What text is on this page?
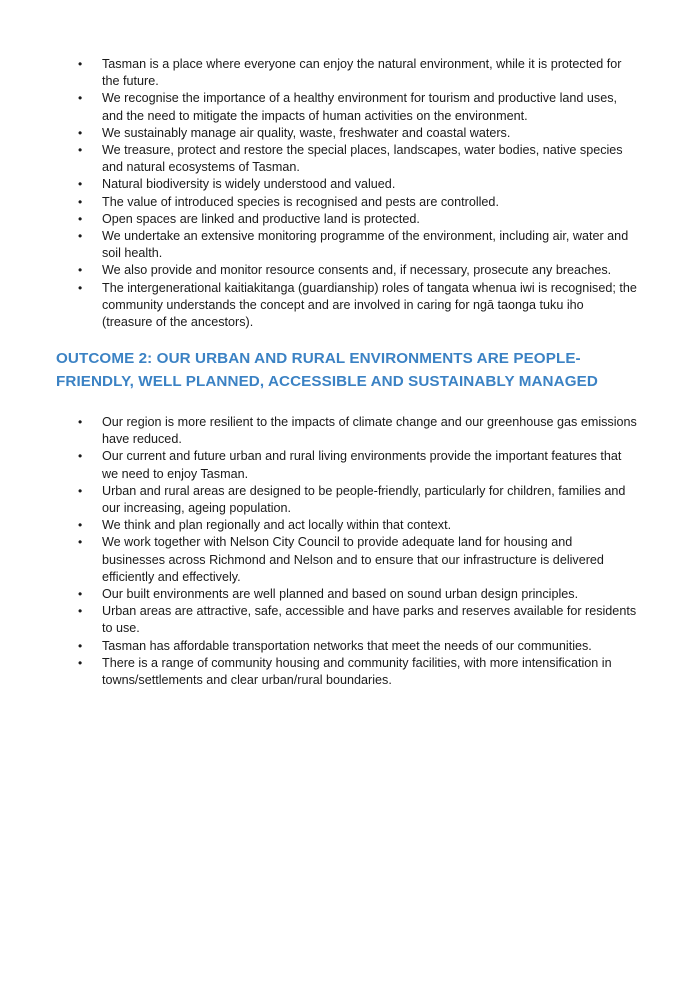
• Tasman is a place where everyone can enjoy the natural environment, while it is protected for the future.
• We recognise the importance of a healthy environment for tourism and productive land uses, and the need to mitigate the impacts of human activities on the environment.
• We sustainably manage air quality, waste, freshwater and coastal waters.
• We treasure, protect and restore the special places, landscapes, water bodies, native species and natural ecosystems of Tasman.
• Natural biodiversity is widely understood and valued.
• The value of introduced species is recognised and pests are controlled.
• Open spaces are linked and productive land is protected.
• We undertake an extensive monitoring programme of the environment, including air, water and soil health.
• We also provide and monitor resource consents and, if necessary, prosecute any breaches.
• The intergenerational kaitiakitanga (guardianship) roles of tangata whenua iwi is recognised; the community understands the concept and are involved in caring for ngā taonga tuku iho (treasure of the ancestors).
OUTCOME 2: OUR URBAN AND RURAL ENVIRONMENTS ARE PEOPLE-
FRIENDLY, WELL PLANNED, ACCESSIBLE AND SUSTAINABLY MANAGED
• Our region is more resilient to the impacts of climate change and our greenhouse gas emissions have reduced.
• Our current and future urban and rural living environments provide the important features that we need to enjoy Tasman.
• Urban and rural areas are designed to be people-friendly, particularly for children, families and our increasing, ageing population.
• We think and plan regionally and act locally within that context.
• We work together with Nelson City Council to provide adequate land for housing and businesses across Richmond and Nelson and to ensure that our infrastructure is delivered efficiently and effectively.
• Our built environments are well planned and based on sound urban design principles.
• Urban areas are attractive, safe, accessible and have parks and reserves available for residents to use.
• Tasman has affordable transportation networks that meet the needs of our communities.
• There is a range of community housing and community facilities, with more intensification in towns/settlements and clear urban/rural boundaries.
